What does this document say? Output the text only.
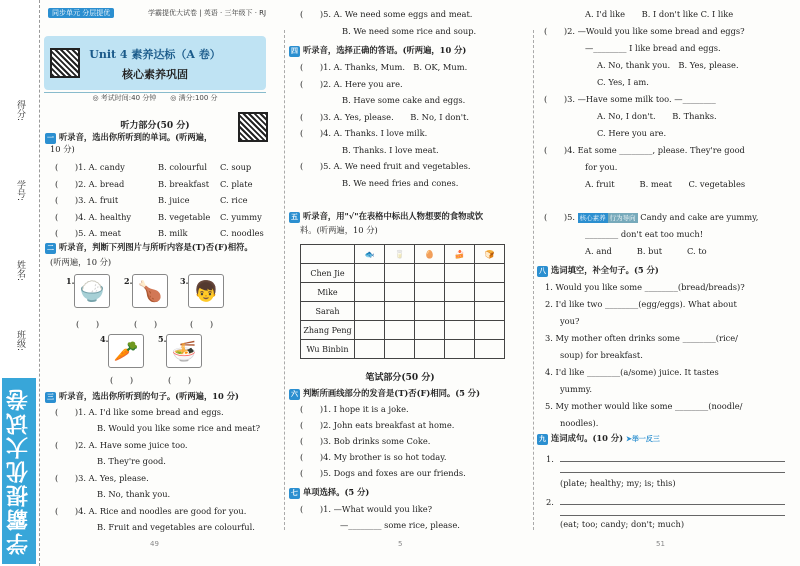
得分:
学号:
姓名:
班级:
学霸提优大试卷
同步单元 分层提优	学霸提优大试卷 | 英语 · 三年级下 · RJ
Unit 4 素养达标（A 卷）
核心素养巩固
◎ 考试时间:40 分钟　　◎ 满分:100 分
听力部分(50 分)
一 听录音，选出你所听到的单词。(听两遍，
10 分)
二 听录音，判断下列图片与所听内容是(T)否(F)相符。
(听两遍，10 分)
1. 🍚	2. 🍗	3. 👦
(　　)	(　　)	(　　)
4. 🥕	5. 🍜
(　　)	(　　)
三 听录音，选出你所听到的句子。(听两遍，10 分)
(　　)1. A. I'd like some bread and eggs.
B. Would you like some rice and meat?
(　　)2. A. Have some juice too.
B. They're good.
(　　)3. A. Yes, please.
B. No, thank you.
(　　)4. A. Rice and noodles are good for you.
B. Fruit and vegetables are colourful.
49
(　　)5. A. We need some eggs and meat.
B. We need some rice and soup.
四 听录音，选择正确的答语。(听两遍，10 分)
五 听录音，用"√"在表格中标出人物想要的食物或饮
料。(听两遍，10 分)
	🐟	🥛	🥚	🍰	🍞
Chen Jie					
Mike					
Sarah					
Zhang Peng					
Wu Binbin					
笔试部分(50 分)
六 判断所画线部分的发音是(T)否(F)相同。(5 分)
七 单项选择。(5 分)
(　　)1. —What would you like?
—________ some rice, please.
5
(　　)5. 核心素养 行为导向 Candy and cake are yummy,
八 选词填空，补全句子。(5 分)
九 连词成句。(10 分) ➤举一反三
1.
(plate; healthy; my; is; this)
2.
(eat; too; candy; don't; much)
51
(　　)1. A. candy	B. colourful C. soup
(　　)2. A. bread	B. breakfast C. plate
(　　)3. A. fruit	B. juice	C. rice
(　　)4. A. healthy	B. vegetable C. yummy
(　　)5. A. meat	B. milk	C. noodles
(　　)1. A. Thanks, Mum.　B. OK, Mum.
(　　)2. A. Here you are.
B. Have some cake and eggs.
(　　)3. A. Yes, please.　　B. No, I don't.
(　　)4. A. Thanks. I love milk.
B. Thanks. I love meat.
(　　)5. A. We need fruit and vegetables.
B. We need fries and cones.
(　　)1. I hope it is a joke.
(　　)2. John eats breakfast at home.
(　　)3. Bob drinks some Coke.
(　　)4. My brother is so hot today.
(　　)5. Dogs and foxes are our friends.
A. I'd like　　B. I don't like C. I like
(　　)2. —Would you like some bread and eggs?
—________ I like bread and eggs.
A. No, thank you.　B. Yes, please.
C. Yes, I am.
(　　)3. —Have some milk too. —________
A. No, I don't.　　B. Thanks.
C. Here you are.
(　　)4. Eat some ________, please. They're good
for you.
A. fruit　　　B. meat　　C. vegetables
________ don't eat too much!
A. and　　　B. but　　　C. to
1. Would you like some ________(bread/breads)?
2. I'd like two ________(egg/eggs). What about
you?
3. My mother often drinks some ________(rice/
soup) for breakfast.
4. I'd like ________(a/some) juice. It tastes
yummy.
5. My mother would like some ________(noodle/
noodles).
